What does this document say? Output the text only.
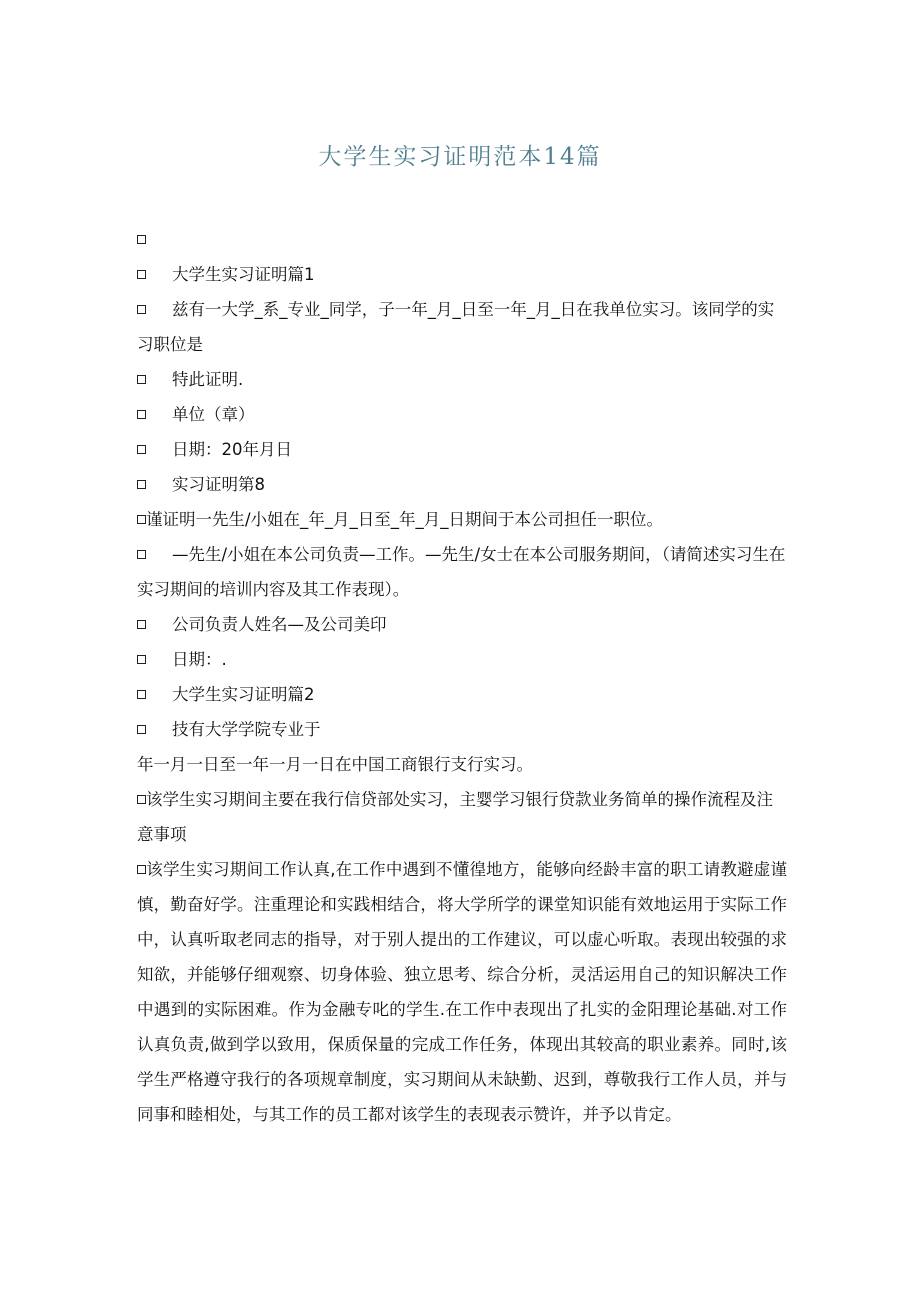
大学生实习证明范本14篇

大学生实习证明篇1

兹有一大学_系_专业_同学，子一年_月_日至一年_月_日在我单位实习。该同学的实习职位是

特此证明.

单位（章）

日期：20年月日

实习证明第8

谨证明一先生/小姐在_年_月_日至_年_月_日期间于本公司担任一职位。

—先生/小姐在本公司负责—工作。—先生/女士在本公司服务期间，（请简述实习生在实习期间的培训内容及其工作表现）。

公司负责人姓名—及公司美印

日期：.

大学生实习证明篇2

技有大学学院专业于

年一月一日至一年一月一日在中国工商银行支行实习。

该学生实习期间主要在我行信贷部处实习，主婴学习银行贷款业务简单的操作流程及注意事项

该学生实习期间工作认真,在工作中遇到不懂徨地方，能够向经龄丰富的职工请教避虚谨慎，勤奋好学。注重理论和实践相结合，将大学所学的课堂知识能有效地运用于实际工作中，认真听取老同志的指导，对于别人提出的工作建议，可以虚心听取。表现出较强的求知欲，并能够仔细观察、切身体验、独立思考、综合分析，灵活运用自己的知识解决工作中遇到的实际困难。作为金融专叱的学生.在工作中表现出了扎实的金阳理论基础.对工作认真负责,做到学以致用，保质保量的完成工作任务，体现出其较高的职业素养。同时,该学生严格遵守我行的各项规章制度，实习期间从未缺勤、迟到，尊敬我行工作人员，并与同事和睦相处，与其工作的员工都对该学生的表现表示赞许，并予以肯定。
